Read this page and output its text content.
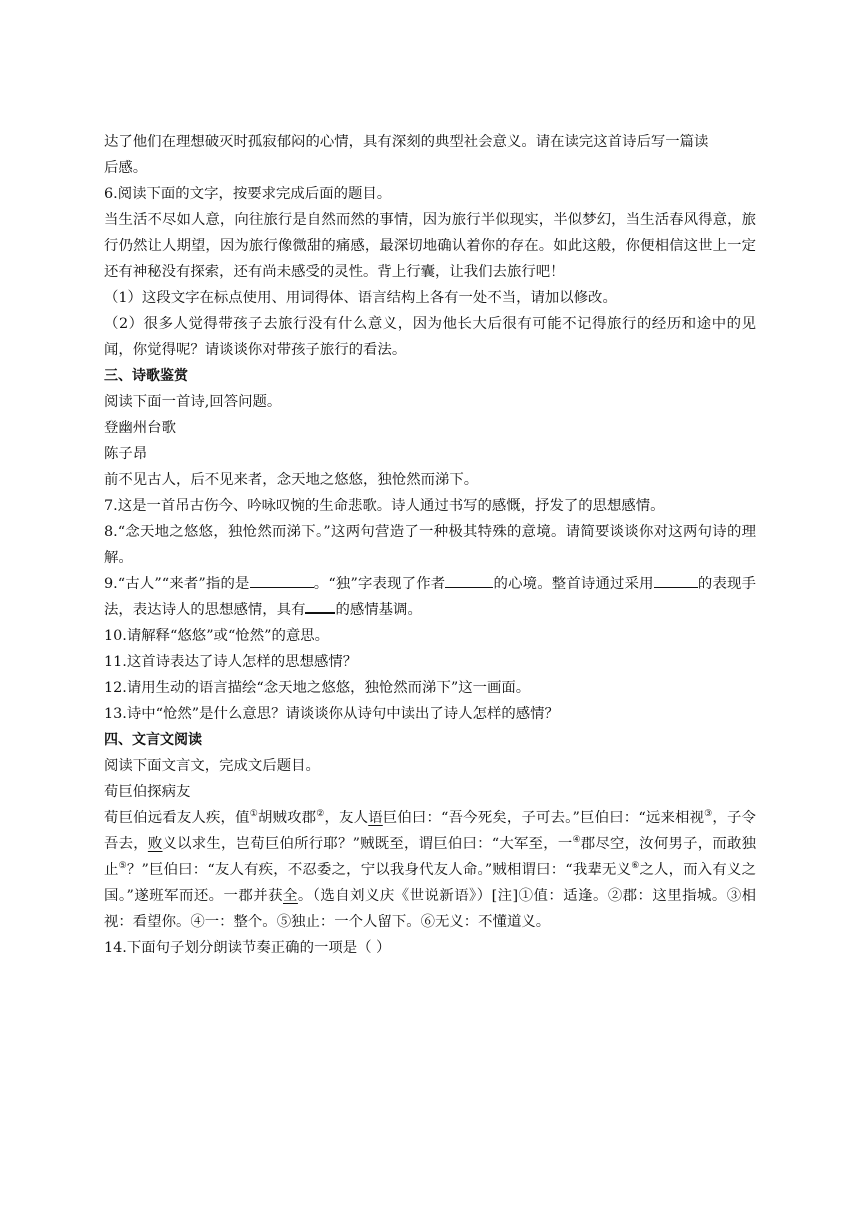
达了他们在理想破灭时孤寂郁闷的心情，具有深刻的典型社会意义。请在读完这首诗后写一篇读

后感。

6.阅读下面的文字，按要求完成后面的题目。

当生活不尽如人意，向往旅行是自然而然的事情，因为旅行半似现实，半似梦幻，当生活春风得意，旅行仍然让人期望，因为旅行像微甜的痛感，最深切地确认着你的存在。如此这般，你便相信这世上一定还有神秘没有探索，还有尚未感受的灵性。背上行囊，让我们去旅行吧！

（1）这段文字在标点使用、用词得体、语言结构上各有一处不当，请加以修改。

（2）很多人觉得带孩子去旅行没有什么意义，因为他长大后很有可能不记得旅行的经历和途中的见闻，你觉得呢？请谈谈你对带孩子旅行的看法。

三、诗歌鉴赏

阅读下面一首诗,回答问题。

登幽州台歌

陈子昂

前不见古人，后不见来者，念天地之悠悠，独怆然而涕下。

7.这是一首吊古伤今、吟咏叹惋的生命悲歌。诗人通过书写的感慨，抒发了的思想感情。

8.“念天地之悠悠，独怆然而涕下。”这两句营造了一种极其特殊的意境。请简要谈谈你对这两句诗的理解。

9.“古人”“来者”指的是	。“独”字表现了作者	的心境。整首诗通过采用	的表现手法，表达诗人的思想感情，具有 的感情基调。

10.请解释“悠悠”或“怆然”的意思。

11.这首诗表达了诗人怎样的思想感情？

12.请用生动的语言描绘“念天地之悠悠，独怆然而涕下”这一画面。

13.诗中“怆然”是什么意思？请谈谈你从诗句中读出了诗人怎样的感情？

四、文言文阅读

阅读下面文言文，完成文后题目。

荀巨伯探病友

荀巨伯远看友人疾，值①胡贼攻郡②，友人语巨伯曰：“吾今死矣，子可去。”巨伯曰：“远来相视③，子令吾去，败义以求生，岂荀巨伯所行耶？”贼既至，谓巨伯曰：“大军至，一④郡尽空，汝何男子，而敢独止⑤？”巨伯曰：“友人有疾，不忍委之，宁以我身代友人命。”贼相谓曰：“我辈无义⑥之人，而入有义之国。”遂班军而还。一郡并获全。（选自刘义庆《世说新语》）[注]①值：适逢。②郡：这里指城。③相视：看望你。④一：整个。⑤独止：一个人留下。⑥无义：不懂道义。

14.下面句子划分朗读节奏正确的一项是（ ）
